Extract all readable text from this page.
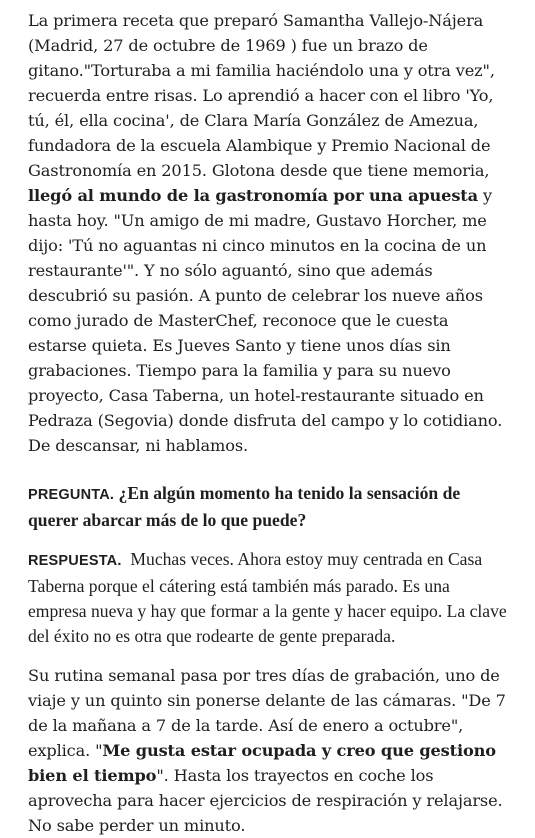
La primera receta que preparó Samantha Vallejo-Nájera (Madrid, 27 de octubre de 1969 ) fue un brazo de gitano."Torturaba a mi familia haciéndolo una y otra vez", recuerda entre risas. Lo aprendió a hacer con el libro 'Yo, tú, él, ella cocina', de Clara María González de Amezua, fundadora de la escuela Alambique y Premio Nacional de Gastronomía en 2015. Glotona desde que tiene memoria, llegó al mundo de la gastronomía por una apuesta y hasta hoy. "Un amigo de mi madre, Gustavo Horcher, me dijo: 'Tú no aguantas ni cinco minutos en la cocina de un restaurante'". Y no sólo aguantó, sino que además descubrió su pasión. A punto de celebrar los nueve años como jurado de MasterChef, reconoce que le cuesta estarse quieta. Es Jueves Santo y tiene unos días sin grabaciones. Tiempo para la familia y para su nuevo proyecto, Casa Taberna, un hotel-restaurante situado en Pedraza (Segovia) donde disfruta del campo y lo cotidiano. De descansar, ni hablamos.

PREGUNTA. ¿En algún momento ha tenido la sensación de querer abarcar más de lo que puede?

RESPUESTA. Muchas veces. Ahora estoy muy centrada en Casa Taberna porque el cátering está también más parado. Es una empresa nueva y hay que formar a la gente y hacer equipo. La clave del éxito no es otra que rodearte de gente preparada.

Su rutina semanal pasa por tres días de grabación, uno de viaje y un quinto sin ponerse delante de las cámaras. "De 7 de la mañana a 7 de la tarde. Así de enero a octubre", explica. "Me gusta estar ocupada y creo que gestiono bien el tiempo". Hasta los trayectos en coche los aprovecha para hacer ejercicios de respiración y relajarse. No sabe perder un minuto.
